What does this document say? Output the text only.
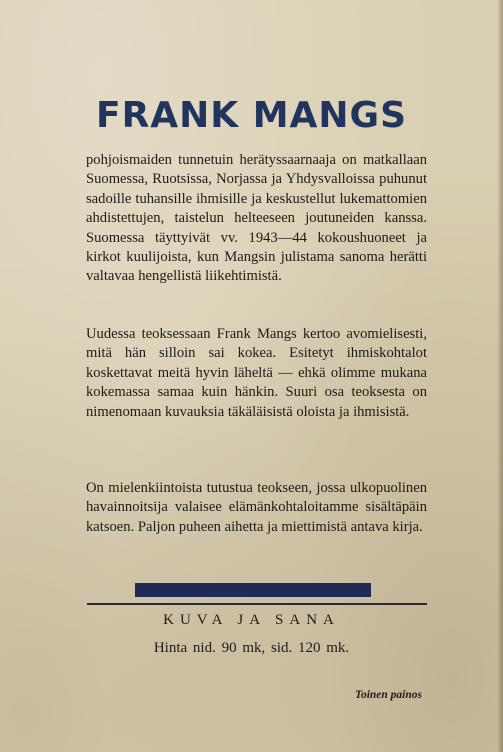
FRANK MANGS

pohjoismaiden tunnetuin herätyssaarnaaja on matkallaan Suomessa, Ruotsissa, Norjassa ja Yhdysvalloissa puhunut sadoille tuhansille ihmisille ja keskustellut lukemattomien ahdistettujen, taistelun helteeseen joutuneiden kanssa. Suomessa täyttyivät vv. 1943—44 kokoushuoneet ja kirkot kuulijoista, kun Mangsin julistama sanoma herätti valtavaa hengellistä liikehtimistä.

Uudessa teoksessaan Frank Mangs kertoo avomielisesti, mitä hän silloin sai kokea. Esitetyt ihmiskohtalot koskettavat meitä hyvin läheltä — ehkä olimme mukana kokemassa samaa kuin hänkin. Suuri osa teoksesta on nimenomaan kuvauksia täkäläisistä oloista ja ihmisistä.

On mielenkiintoista tutustua teokseen, jossa ulkopuolinen havainnoitsija valaisee elämänkohtaloitamme sisältäpäin katsoen. Paljon puheen aihetta ja miettimistä antava kirja.

KUVA JA SANA

Hinta nid. 90 mk, sid. 120 mk.

Toinen painos
